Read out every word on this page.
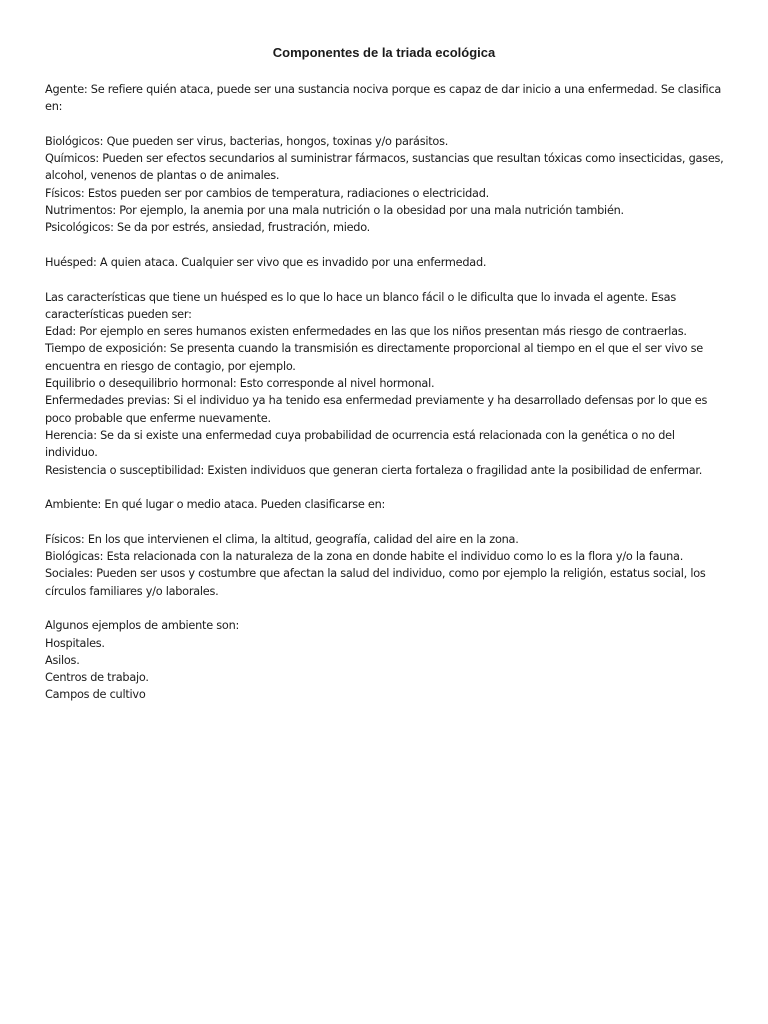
Componentes de la triada ecológica

Agente: Se refiere quién ataca, puede ser una sustancia nociva porque es capaz de dar inicio a una enfermedad. Se clasifica en:

Biológicos: Que pueden ser virus, bacterias, hongos, toxinas y/o parásitos.

Químicos: Pueden ser efectos secundarios al suministrar fármacos, sustancias que resultan tóxicas como insecticidas, gases, alcohol, venenos de plantas o de animales.

Físicos: Estos pueden ser por cambios de temperatura, radiaciones o electricidad.

Nutrimentos: Por ejemplo, la anemia por una mala nutrición o la obesidad por una mala nutrición también.

Psicológicos: Se da por estrés, ansiedad, frustración, miedo.

Huésped: A quien ataca. Cualquier ser vivo que es invadido por una enfermedad.

Las características que tiene un huésped es lo que lo hace un blanco fácil o le dificulta que lo invada el agente. Esas características pueden ser:

Edad: Por ejemplo en seres humanos existen enfermedades en las que los niños presentan más riesgo de contraerlas.

Tiempo de exposición: Se presenta cuando la transmisión es directamente proporcional al tiempo en el que el ser vivo se encuentra en riesgo de contagio, por ejemplo.

Equilibrio o desequilibrio hormonal: Esto corresponde al nivel hormonal.

Enfermedades previas: Si el individuo ya ha tenido esa enfermedad previamente y ha desarrollado defensas por lo que es poco probable que enferme nuevamente.

Herencia: Se da si existe una enfermedad cuya probabilidad de ocurrencia está relacionada con la genética o no del individuo.

Resistencia o susceptibilidad: Existen individuos que generan cierta fortaleza o fragilidad ante la posibilidad de enfermar.

Ambiente: En qué lugar o medio ataca. Pueden clasificarse en:

Físicos: En los que intervienen el clima, la altitud, geografía, calidad del aire en la zona.

Biológicas: Esta relacionada con la naturaleza de la zona en donde habite el individuo como lo es la flora y/o la fauna.

Sociales: Pueden ser usos y costumbre que afectan la salud del individuo, como por ejemplo la religión, estatus social, los círculos familiares y/o laborales.

Algunos ejemplos de ambiente son:

Hospitales.

Asilos.

Centros de trabajo.

Campos de cultivo
